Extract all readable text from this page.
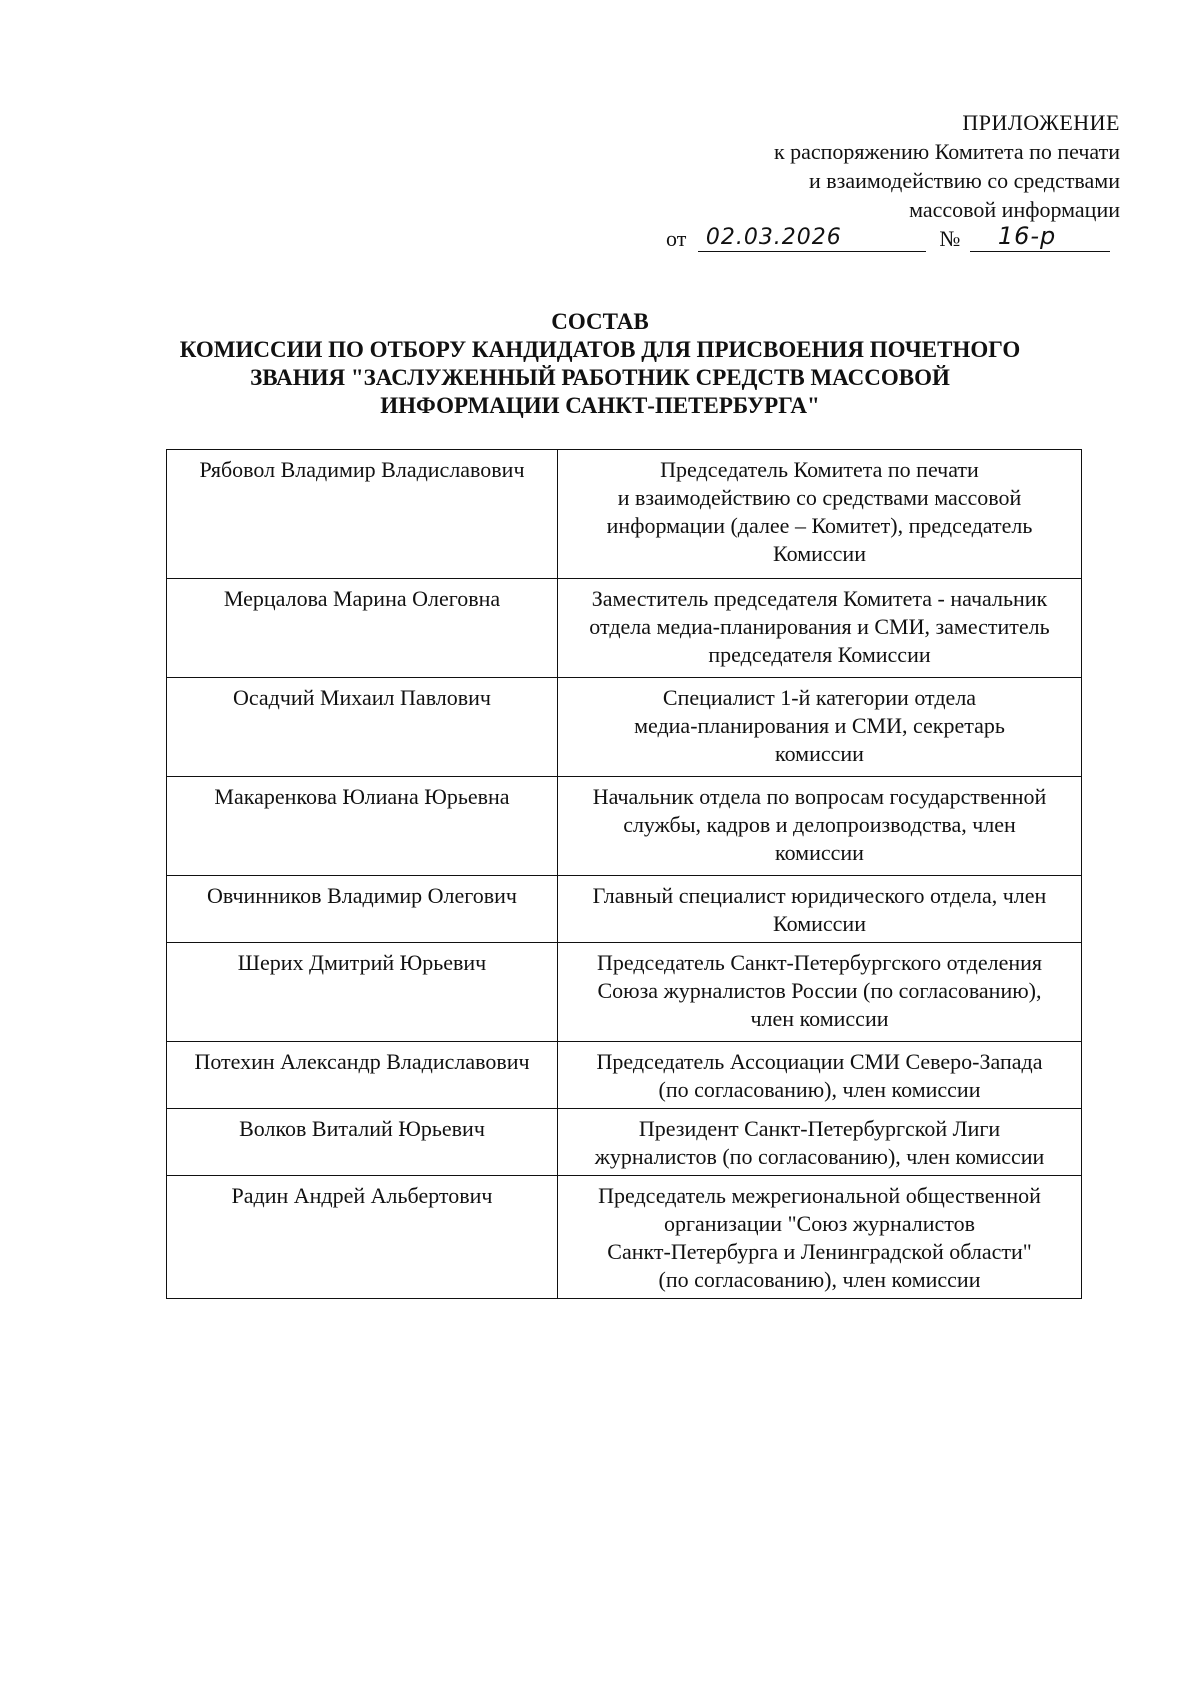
ПРИЛОЖЕНИЕ
к распоряжению Комитета по печати
и взаимодействию со средствами
массовой информации
от 02.03.2026	№ 16-р
СОСТАВ
КОМИССИИ ПО ОТБОРУ КАНДИДАТОВ ДЛЯ ПРИСВОЕНИЯ ПОЧЕТНОГО
ЗВАНИЯ "ЗАСЛУЖЕННЫЙ РАБОТНИК СРЕДСТВ МАССОВОЙ
ИНФОРМАЦИИ САНКТ-ПЕТЕРБУРГА"
Рябовол Владимир Владиславович	Председатель Комитета по печати
и взаимодействию со средствами массовой
информации (далее – Комитет), председатель
Комиссии

Мерцалова Марина Олеговна	Заместитель председателя Комитета - начальник
отдела медиа-планирования и СМИ, заместитель
председателя Комиссии

Осадчий Михаил Павлович	Специалист 1-й категории отдела
медиа-планирования и СМИ, секретарь
комиссии

Макаренкова Юлиана Юрьевна	Начальник отдела по вопросам государственной
службы, кадров и делопроизводства, член
комиссии

Овчинников Владимир Олегович	Главный специалист юридического отдела, член
Комиссии

Шерих Дмитрий Юрьевич	Председатель Санкт-Петербургского отделения
Союза журналистов России (по согласованию),
член комиссии

Потехин Александр Владиславович	Председатель Ассоциации СМИ Северо-Запада
(по согласованию), член комиссии

Волков Виталий Юрьевич	Президент Санкт-Петербургской Лиги
журналистов (по согласованию), член комиссии

Радин Андрей Альбертович	Председатель межрегиональной общественной
организации "Союз журналистов
Санкт-Петербурга и Ленинградской области"
(по согласованию), член комиссии
